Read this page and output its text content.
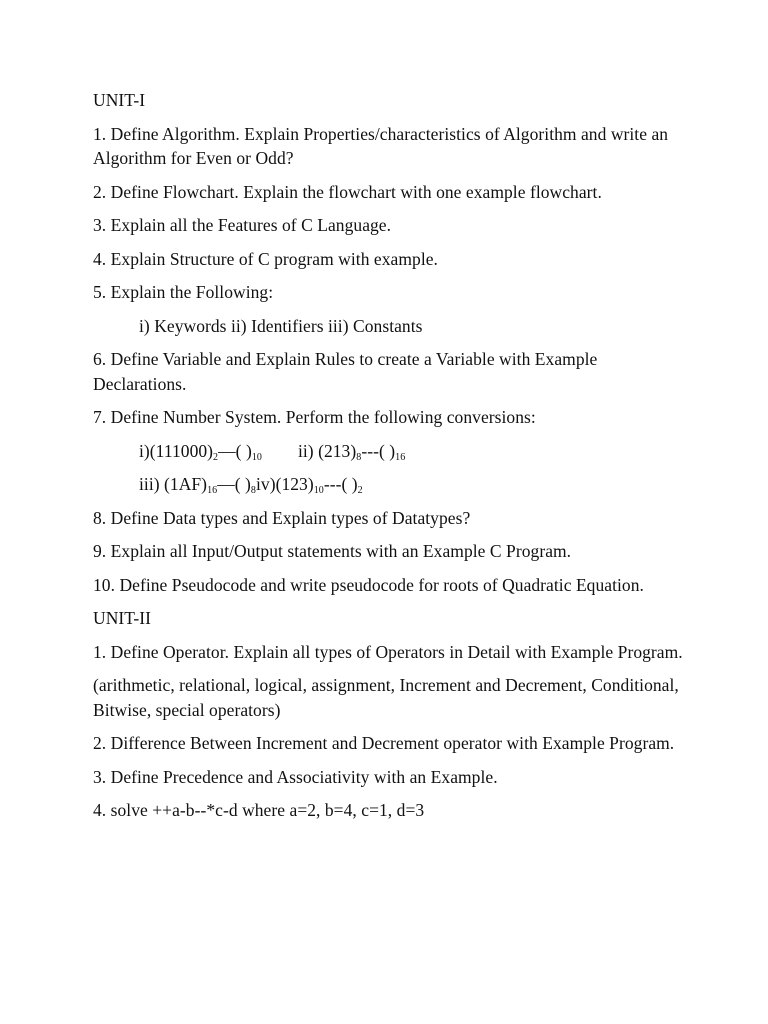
UNIT-I

1. Define Algorithm. Explain Properties/characteristics of Algorithm and write an Algorithm for Even or Odd?

2. Define Flowchart. Explain the flowchart with one example flowchart.

3. Explain all the Features of C Language.

4. Explain Structure of C program with example.

5. Explain the Following:

i) Keywords ii) Identifiers iii) Constants

6. Define Variable and Explain Rules to create a Variable with Example Declarations.

7. Define Number System. Perform the following conversions:

$i)(111000)_2—$( )$_{10}$ ii) $(213)_8---$( )$_{16}$

iii) $(1AF)_{16}—$( )$_8iv)(123)_{10}---$( )$_2$

8. Define Data types and Explain types of Datatypes?

9. Explain all Input/Output statements with an Example C Program.

10. Define Pseudocode and write pseudocode for roots of Quadratic Equation.

UNIT-II

1. Define Operator. Explain all types of Operators in Detail with Example Program.

(arithmetic, relational, logical, assignment, Increment and Decrement, Conditional, Bitwise, special operators)

2. Difference Between Increment and Decrement operator with Example Program.

3. Define Precedence and Associativity with an Example.

4. solve ++a-b--*c-d where a=2, b=4, c=1, d=3
